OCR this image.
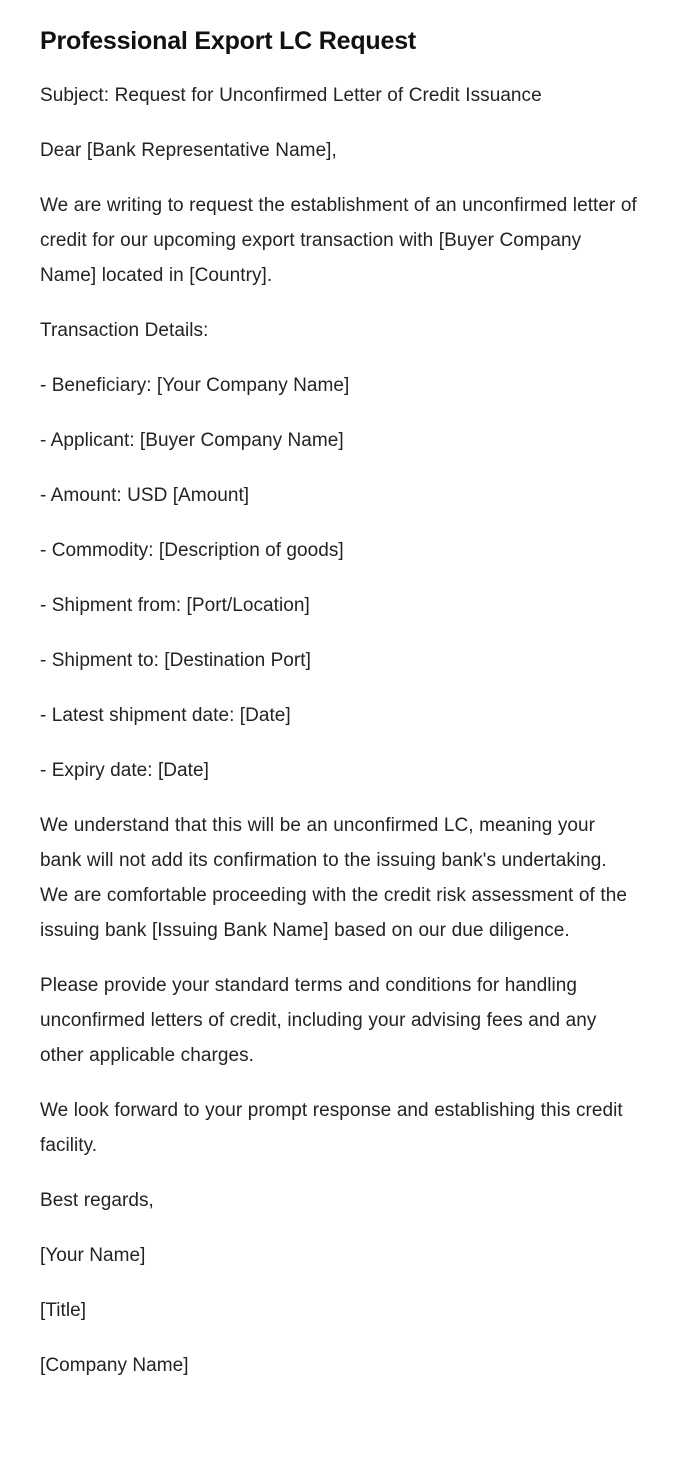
Professional Export LC Request

Subject: Request for Unconfirmed Letter of Credit Issuance

Dear [Bank Representative Name],

We are writing to request the establishment of an unconfirmed letter of credit for our upcoming export transaction with [Buyer Company Name] located in [Country].

Transaction Details:

- Beneficiary: [Your Company Name]

- Applicant: [Buyer Company Name]

- Amount: USD [Amount]

- Commodity: [Description of goods]

- Shipment from: [Port/Location]

- Shipment to: [Destination Port]

- Latest shipment date: [Date]

- Expiry date: [Date]

We understand that this will be an unconfirmed LC, meaning your bank will not add its confirmation to the issuing bank's undertaking. We are comfortable proceeding with the credit risk assessment of the issuing bank [Issuing Bank Name] based on our due diligence.

Please provide your standard terms and conditions for handling unconfirmed letters of credit, including your advising fees and any other applicable charges.

We look forward to your prompt response and establishing this credit facility.

Best regards,

[Your Name]

[Title]

[Company Name]
